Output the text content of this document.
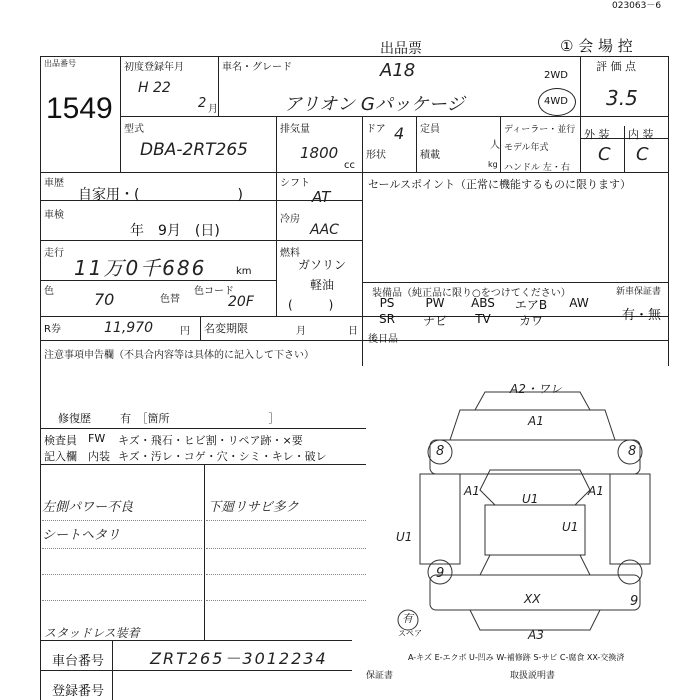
023063－6
出品票	① 会 場 控
出品番号
1549
初度登録年月
H 22
2 月
車名・グレード	A18
アリオン Gパッケージ
2WD
4WD
評 価 点
3.5
型式
DBA-2RT265
排気量
1800
cc
ドア 4
形状
定員
人
積載
kg
ディーラー・並行
モデル年式
ハンドル 左・右
外 装 内 装
C C
車歴
自家用・(　　　　　　　)
車検
年　9月　(日)
走行
11万0千686	km
色	70	色替
色コード
20F
シフト
AT
冷房
AAC
燃料
ガソリン
軽油
(　　　)
セールスポイント（正常に機能するものに限ります）
装備品（純正品に限り○をつけてください）	新車保証書
有・無
PS	PW	ABS	エアB	AW
SR	ナビ	TV	カワ
R券	11,970	円 名変期限	月	日
後日品
注意事項申告欄（不具合内容等は具体的に記入して下さい）
修復歴	有　［箇所　　　　　　　　　］
検査員 FW キズ・飛石・ヒビ割・リペア跡・×要
記入欄 内装 キズ・汚レ・コゲ・穴・シミ・キレ・破レ
左側パワー不良
シートヘタリ
下廻リサビ多ク
スタッドレス装着
A2・ワレ
A1
8	8
A1	A1
U1
U1
U1
9
9
XX
A3
有
スペア
車台番号	ZRT265－3012234
登録番号
A-キズ E-エクボ U-凹み W-補修跡 S-サビ C-腐食 XX-交換済
保証書	取扱説明書
